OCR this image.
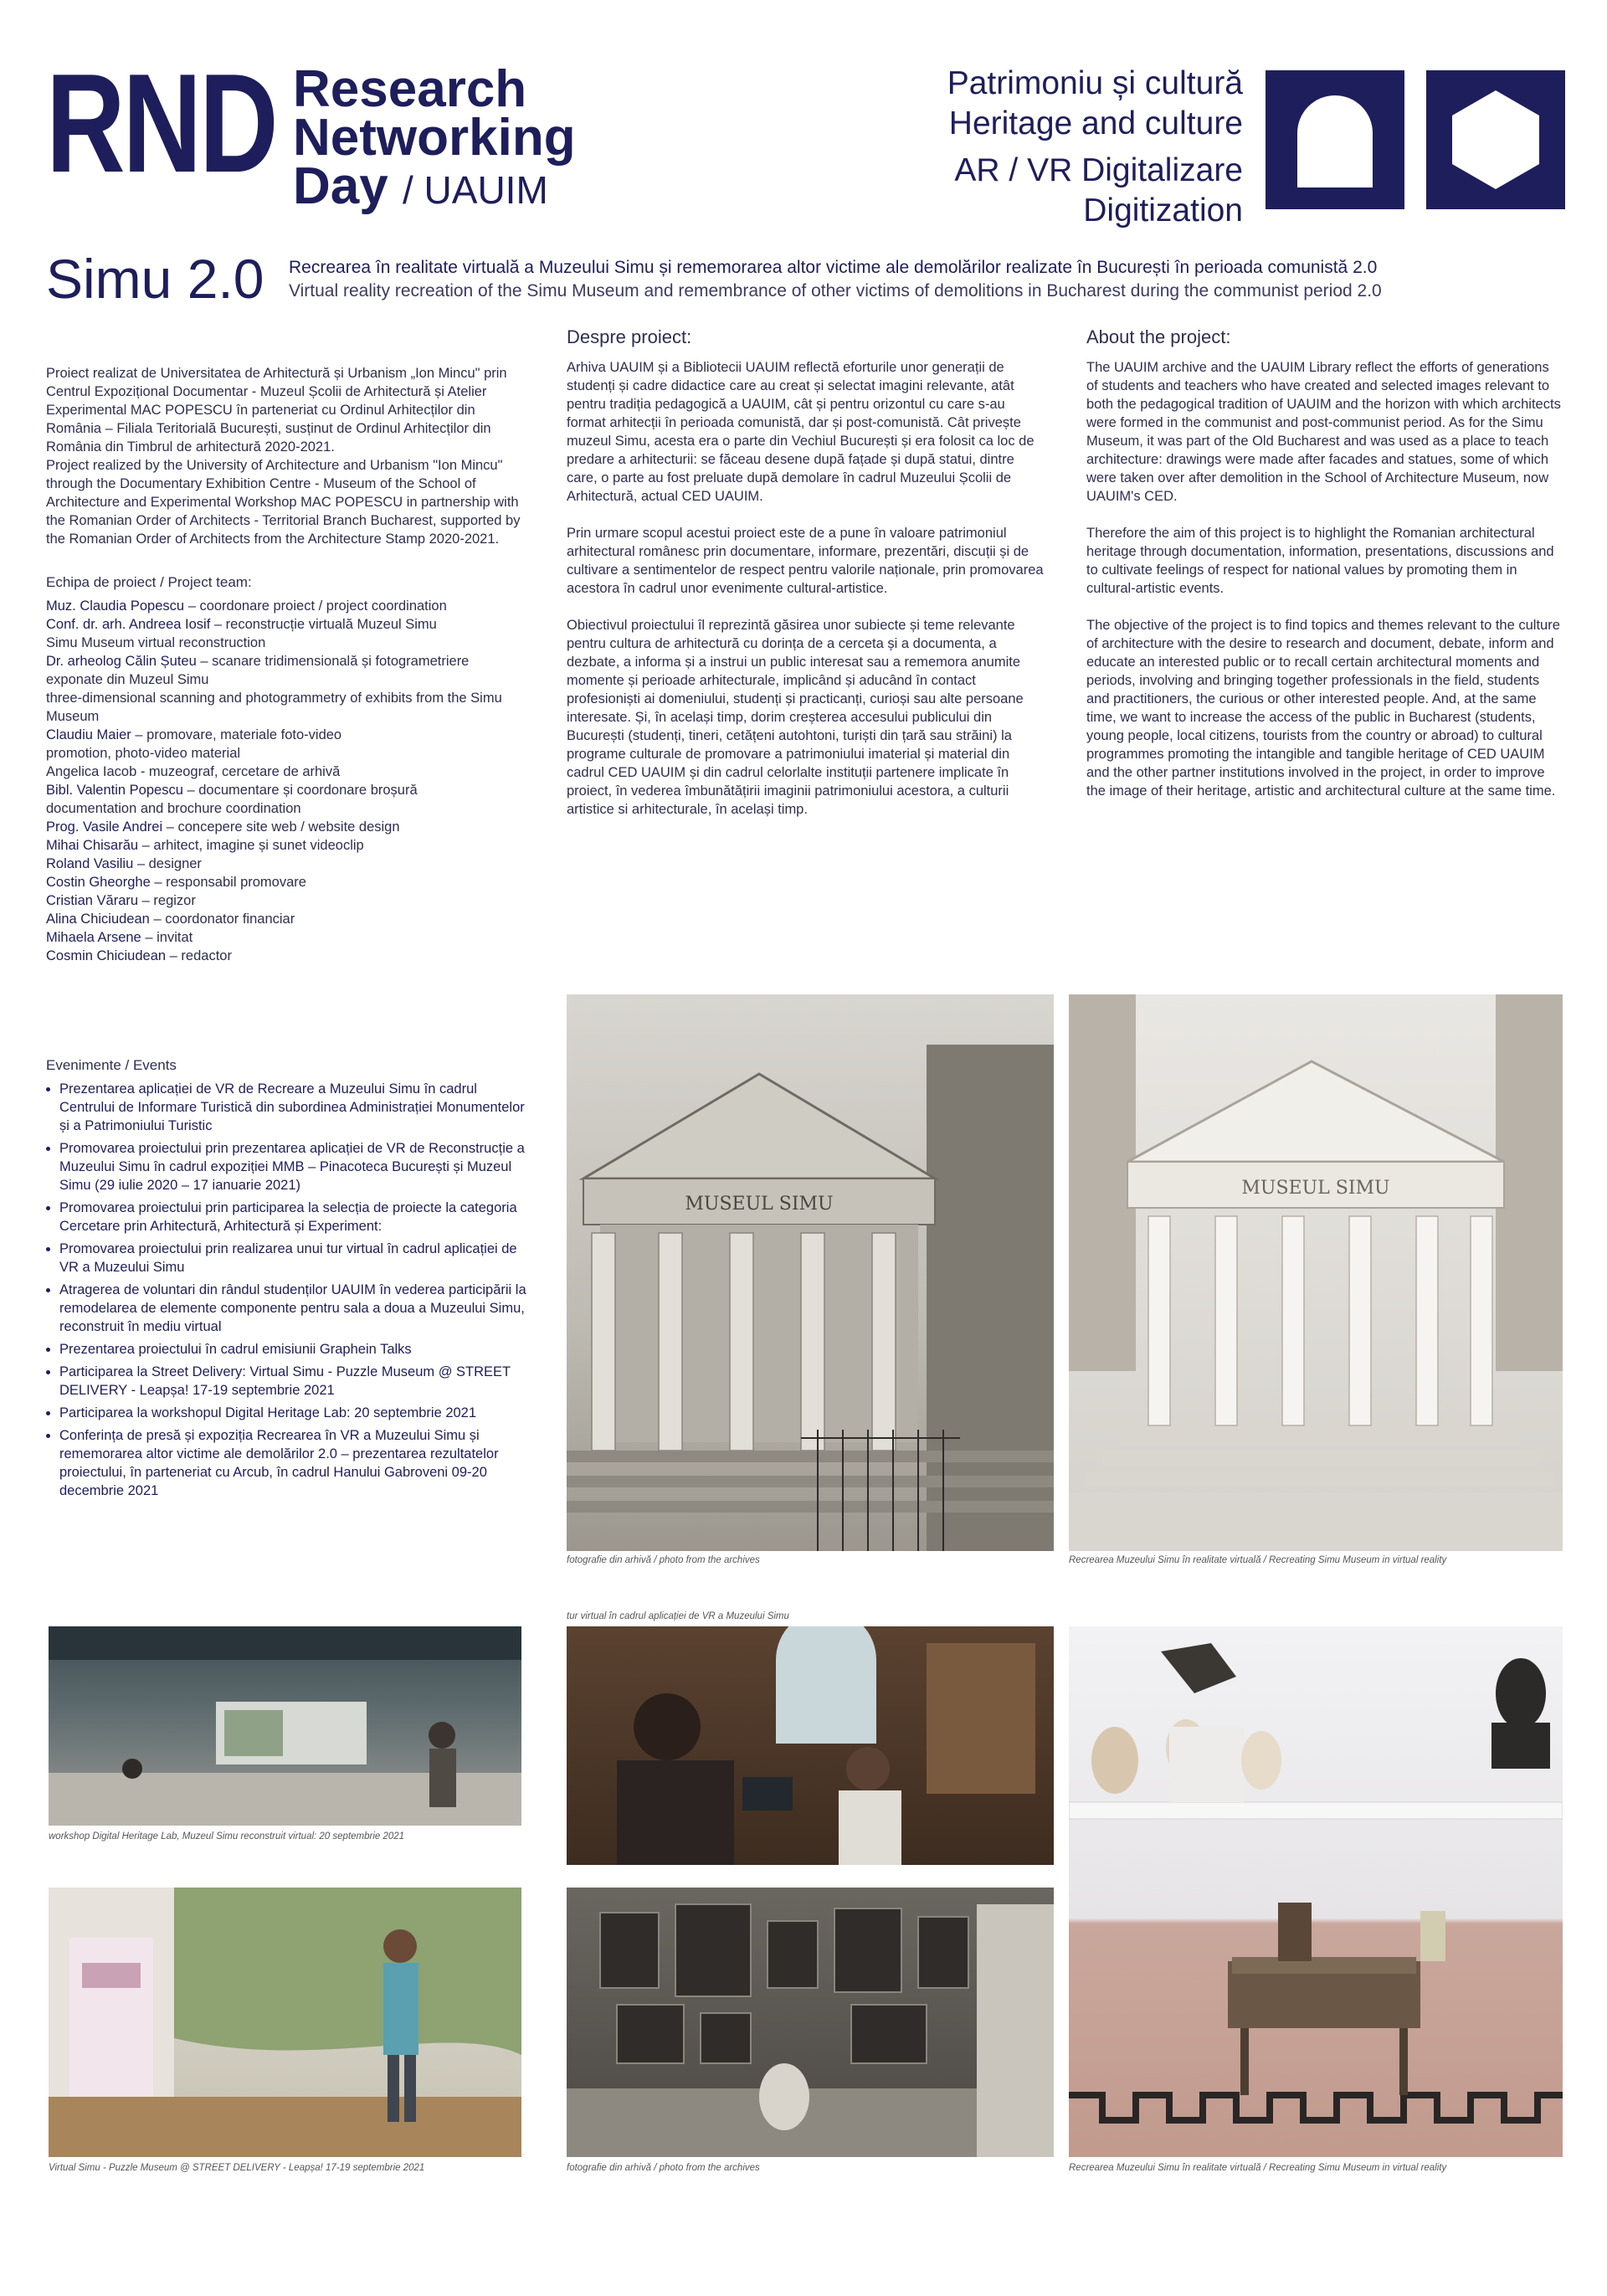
RND Research
Networking
Day / UAUIM
Patrimoniu și cultură
Heritage and culture
AR / VR Digitalizare
Digitization
Simu 2.0 Recrearea în realitate virtuală a Muzeului Simu și rememorarea altor victime ale demolărilor realizate în București în perioada comunistă 2.0
Virtual reality recreation of the Simu Museum and remembrance of other victims of demolitions in Bucharest during the communist period 2.0

Proiect realizat de Universitatea de Arhitectură și Urbanism „Ion Mincu" prin Centrul Expozițional Documentar - Muzeul Școlii de Arhitectură și Atelier Experimental MAC POPESCU în parteneriat cu Ordinul Arhitecților din România – Filiala Teritorială București, susținut de Ordinul Arhitecților din România din Timbrul de arhitectură 2020-2021.

Project realized by the University of Architecture and Urbanism "Ion Mincu" through the Documentary Exhibition Centre - Museum of the School of Architecture and Experimental Workshop MAC POPESCU in partnership with the Romanian Order of Architects - Territorial Branch Bucharest, supported by the Romanian Order of Architects from the Architecture Stamp 2020-2021.

Echipa de proiect / Project team:

Muz. Claudia Popescu – coordonare proiect / project coordination

Conf. dr. arh. Andreea Iosif – reconstrucție virtuală Muzeul Simu

Simu Museum virtual reconstruction

Dr. arheolog Călin Șuteu – scanare tridimensională și fotogrametriere exponate din Muzeul Simu

three-dimensional scanning and photogrammetry of exhibits from the Simu Museum

Claudiu Maier – promovare, materiale foto-video

promotion, photo-video material

Angelica Iacob - muzeograf, cercetare de arhivă

Bibl. Valentin Popescu – documentare și coordonare broșură

documentation and brochure coordination

Prog. Vasile Andrei – concepere site web / website design

Mihai Chisarău – arhitect, imagine și sunet videoclip

Roland Vasiliu – designer

Costin Gheorghe – responsabil promovare

Cristian Văraru – regizor

Alina Chiciudean – coordonator financiar

Mihaela Arsene – invitat

Cosmin Chiciudean – redactor

Evenimente / Events
• Prezentarea aplicației de VR de Recreare a Muzeului Simu în cadrul Centrului de Informare Turistică din subordinea Administrației Monumentelor și a Patrimoniului Turistic
• Promovarea proiectului prin prezentarea aplicației de VR de Reconstrucție a Muzeului Simu în cadrul expoziției MMB – Pinacoteca București și Muzeul Simu (29 iulie 2020 – 17 ianuarie 2021)
• Promovarea proiectului prin participarea la selecția de proiecte la categoria Cercetare prin Arhitectură, Arhitectură și Experiment:
• Promovarea proiectului prin realizarea unui tur virtual în cadrul aplicației de VR a Muzeului Simu
• Atragerea de voluntari din rândul studenților UAUIM în vederea participării la remodelarea de elemente componente pentru sala a doua a Muzeului Simu, reconstruit în mediu virtual
• Prezentarea proiectului în cadrul emisiunii Graphein Talks
• Participarea la Street Delivery: Virtual Simu - Puzzle Museum @ STREET DELIVERY - Leapșa! 17-19 septembrie 2021
• Participarea la workshopul Digital Heritage Lab: 20 septembrie 2021
• Conferința de presă și expoziția Recrearea în VR a Muzeului Simu și rememorarea altor victime ale demolărilor 2.0 – prezentarea rezultatelor proiectului, în parteneriat cu Arcub, în cadrul Hanului Gabroveni 09-20 decembrie 2021
Despre proiect:

Arhiva UAUIM și a Bibliotecii UAUIM reflectă eforturile unor generații de studenți și cadre didactice care au creat și selectat imagini relevante, atât pentru tradiția pedagogică a UAUIM, cât și pentru orizontul cu care s-au format arhitecții în perioada comunistă, dar și post-comunistă. Cât privește muzeul Simu, acesta era o parte din Vechiul București și era folosit ca loc de predare a arhitecturii: se făceau desene după fațade și după statui, dintre care, o parte au fost preluate după demolare în cadrul Muzeului Școlii de Arhitectură, actual CED UAUIM.

Prin urmare scopul acestui proiect este de a pune în valoare patrimoniul arhitectural românesc prin documentare, informare, prezentări, discuții și de cultivare a sentimentelor de respect pentru valorile naționale, prin promovarea acestora în cadrul unor evenimente cultural-artistice.

Obiectivul proiectului îl reprezintă găsirea unor subiecte și teme relevante pentru cultura de arhitectură cu dorința de a cerceta și a documenta, a dezbate, a informa și a instrui un public interesat sau a rememora anumite momente și perioade arhitecturale, implicând și aducând în contact profesioniști ai domeniului, studenți și practicanți, curioși sau alte persoane interesate. Și, în același timp, dorim creșterea accesului publicului din București (studenți, tineri, cetățeni autohtoni, turiști din țară sau străini) la programe culturale de promovare a patrimoniului imaterial și material din cadrul CED UAUIM și din cadrul celorlalte instituții partenere implicate în proiect, în vederea îmbunătățirii imaginii patrimoniului acestora, a culturii artistice si arhitecturale, în același timp.

About the project:

The UAUIM archive and the UAUIM Library reflect the efforts of generations of students and teachers who have created and selected images relevant to both the pedagogical tradition of UAUIM and the horizon with which architects were formed in the communist and post-communist period. As for the Simu Museum, it was part of the Old Bucharest and was used as a place to teach architecture: drawings were made after facades and statues, some of which were taken over after demolition in the School of Architecture Museum, now UAUIM's CED.

Therefore the aim of this project is to highlight the Romanian architectural heritage through documentation, information, presentations, discussions and to cultivate feelings of respect for national values by promoting them in cultural-artistic events.

The objective of the project is to find topics and themes relevant to the culture of architecture with the desire to research and document, debate, inform and educate an interested public or to recall certain architectural moments and periods, involving and bringing together professionals in the field, students and practitioners, the curious or other interested people. And, at the same time, we want to increase the access of the public in Bucharest (students, young people, local citizens, tourists from the country or abroad) to cultural programmes promoting the intangible and tangible heritage of CED UAUIM and the other partner institutions involved in the project, in order to improve the image of their heritage, artistic and architectural culture at the same time.

MUSEUL SIMU
fotografie din arhivă / photo from the archives
MUSEUL SIMU
Recrearea Muzeului Simu în realitate virtuală / Recreating Simu Museum in virtual reality
workshop Digital Heritage Lab, Muzeul Simu reconstruit virtual: 20 septembrie 2021
tur virtual în cadrul aplicației de VR a Muzeului Simu
Virtual Simu - Puzzle Museum @ STREET DELIVERY - Leapșa! 17-19 septembrie 2021	fotografie din arhivă / photo from the archives	Recrearea Muzeului Simu în realitate virtuală / Recreating Simu Museum in virtual reality
